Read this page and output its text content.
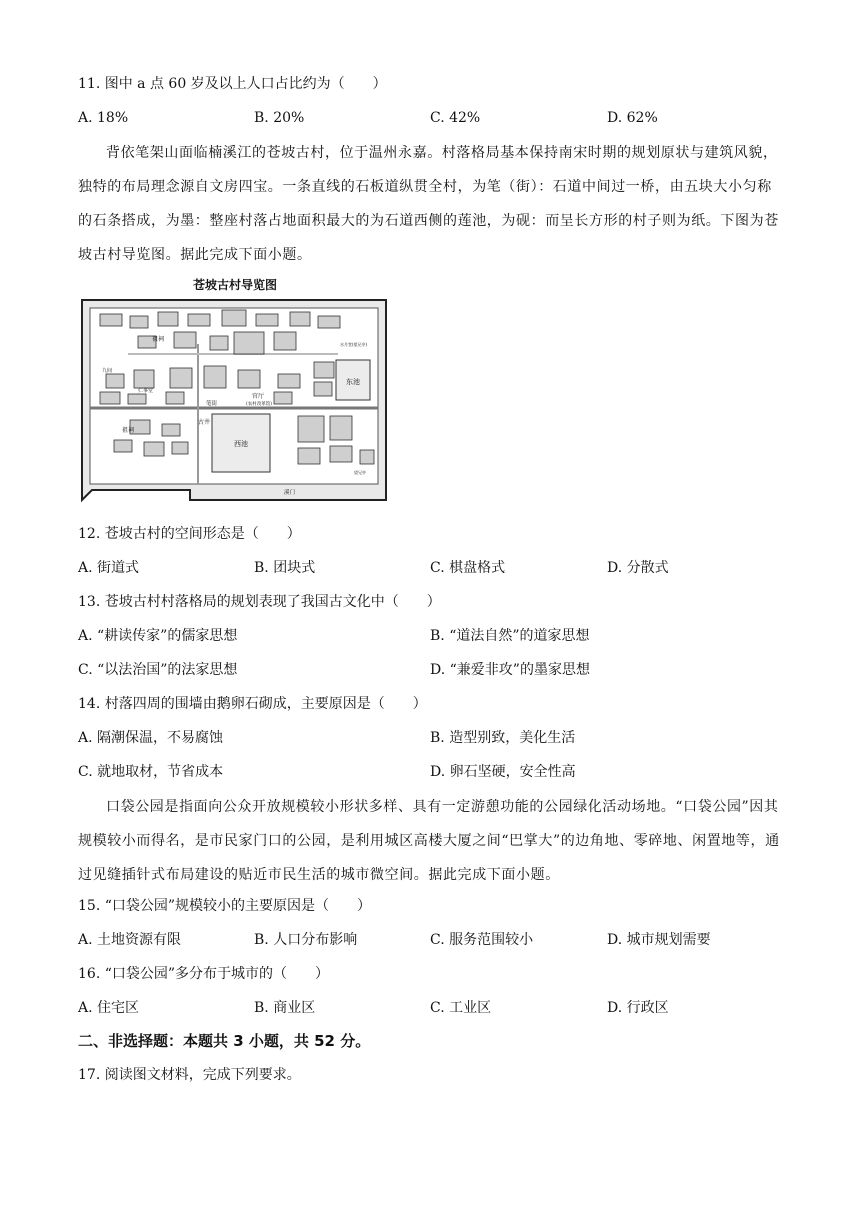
11. 图中 a 点 60 岁及以上人口占比约为（　　）
A. 18%	B. 20%	C. 42%	D. 62%
背依笔架山面临楠溪江的苍坡古村，位于温州永嘉。村落格局基本保持南宋时期的规划原状与建筑风貌，独特的布局理念源自文房四宝。一条直线的石板道纵贯全村，为笔（街）：石道中间过一桥，由五块大小匀称的石条搭成，为墨：整座村落占地面积最大的为石道西侧的莲池，为砚：而呈长方形的村子则为纸。下图为苍坡古村导览图。据此完成下面小题。
苍坡古村导览图
西池
东池
祖祠
祖祠
古井
笔街
官厅
(农村改革馆)
溪门
九间
仁事堂
水月堂(望兄亭)
望兄亭
12. 苍坡古村的空间形态是（　　）
A. 街道式	B. 团块式	C. 棋盘格式	D. 分散式
13. 苍坡古村村落格局的规划表现了我国古文化中（　　）
A. “耕读传家”的儒家思想	B. “道法自然”的道家思想
C. “以法治国”的法家思想	D. “兼爱非攻”的墨家思想
14. 村落四周的围墙由鹅卵石砌成，主要原因是（　　）
A. 隔潮保温，不易腐蚀	B. 造型别致，美化生活
C. 就地取材，节省成本	D. 卵石坚硬，安全性高
口袋公园是指面向公众开放规模较小形状多样、具有一定游憩功能的公园绿化活动场地。“口袋公园”因其规模较小而得名，是市民家门口的公园，是利用城区高楼大厦之间“巴掌大”的边角地、零碎地、闲置地等，通过见缝插针式布局建设的贴近市民生活的城市微空间。据此完成下面小题。
15. “口袋公园”规模较小的主要原因是（　　）
A. 土地资源有限	B. 人口分布影响	C. 服务范围较小	D. 城市规划需要
16. “口袋公园”多分布于城市的（　　）
A. 住宅区	B. 商业区	C. 工业区	D. 行政区
二、非选择题：本题共 3 小题，共 52 分。
17. 阅读图文材料，完成下列要求。
